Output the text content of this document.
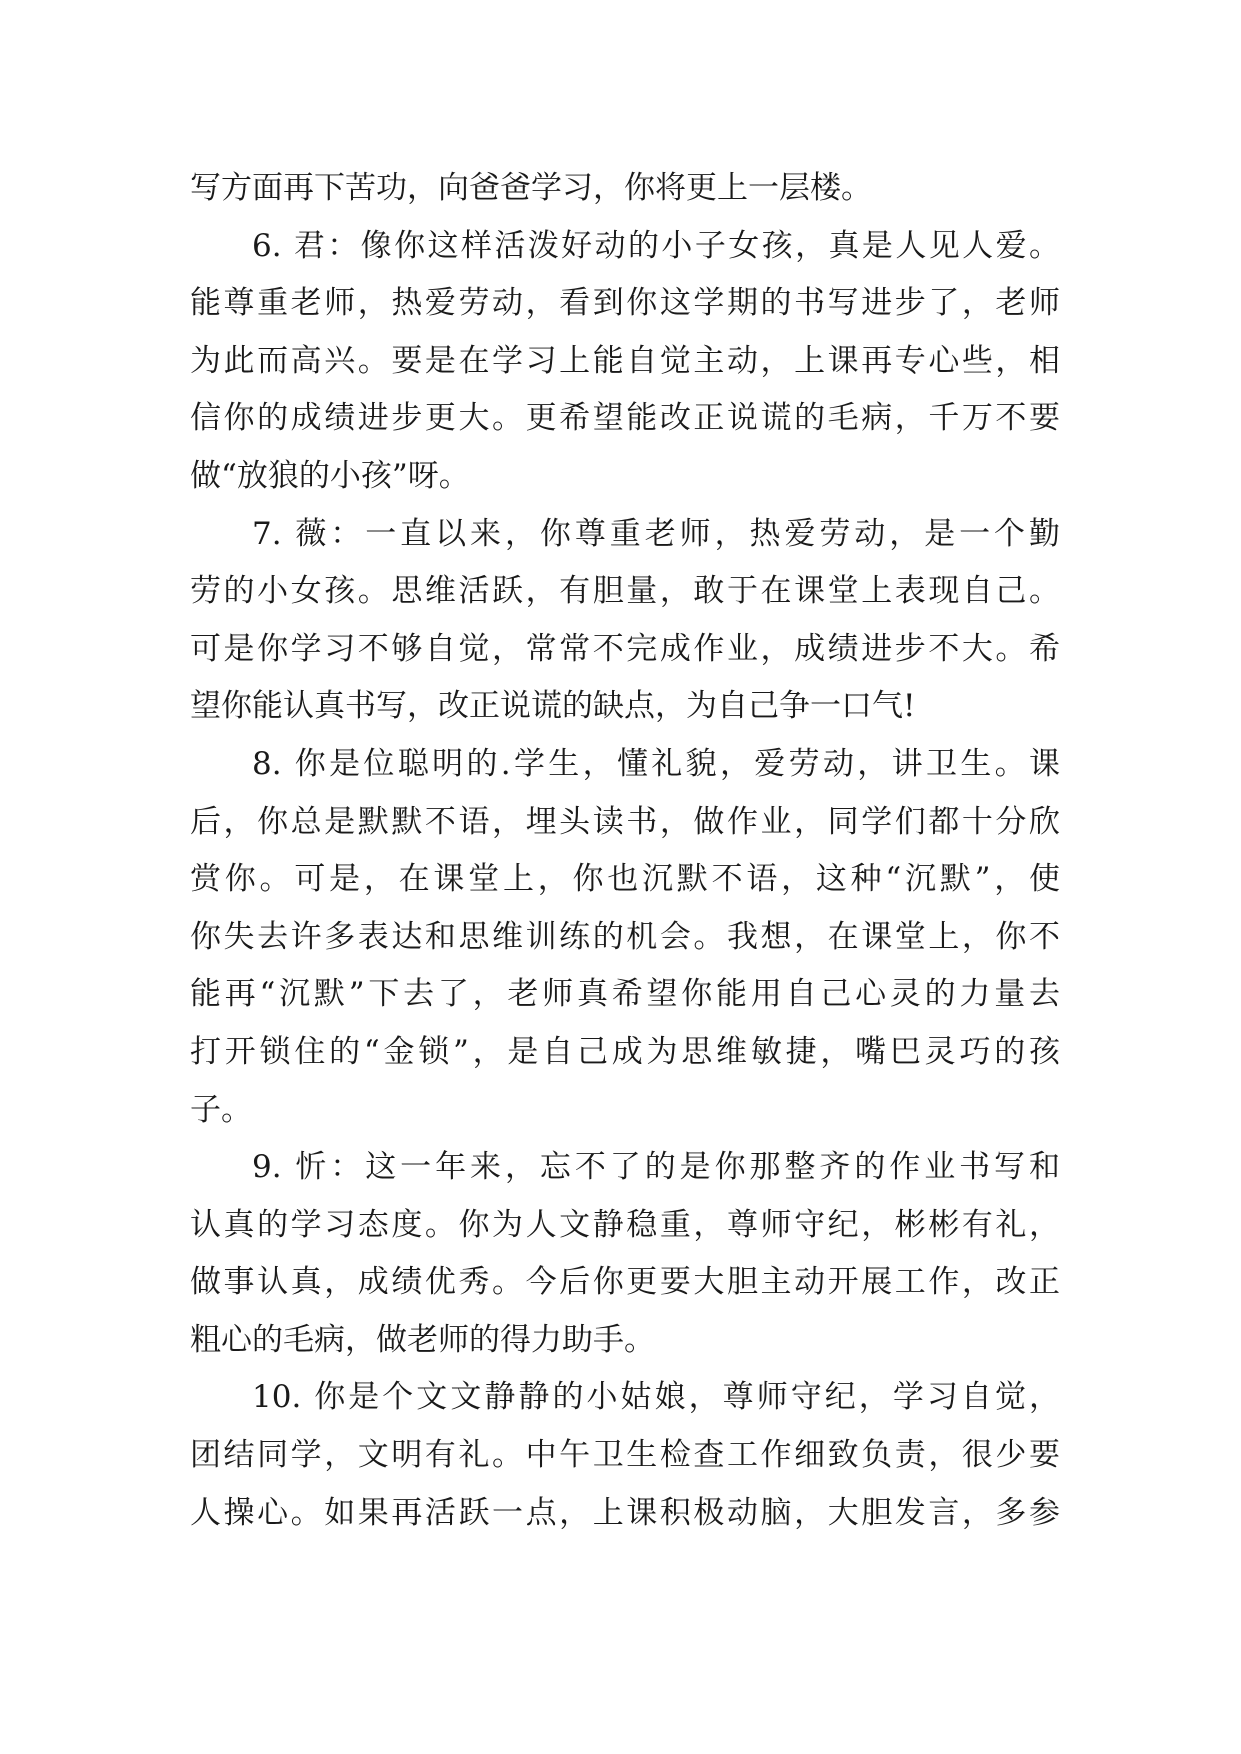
写方面再下苦功，向爸爸学习，你将更上一层楼。
6. 君：像你这样活泼好动的小子女孩，真是人见人爱。
能尊重老师，热爱劳动，看到你这学期的书写进步了，老师
为此而高兴。要是在学习上能自觉主动，上课再专心些，相
信你的成绩进步更大。更希望能改正说谎的毛病，千万不要
做“放狼的小孩”呀。
7. 薇：一直以来，你尊重老师，热爱劳动，是一个勤
劳的小女孩。思维活跃，有胆量，敢于在课堂上表现自己。
可是你学习不够自觉，常常不完成作业，成绩进步不大。希
望你能认真书写，改正说谎的缺点，为自己争一口气!
8. 你是位聪明的.学生，懂礼貌，爱劳动，讲卫生。课
后，你总是默默不语，埋头读书，做作业，同学们都十分欣
赏你。可是，在课堂上，你也沉默不语，这种“沉默”，使
你失去许多表达和思维训练的机会。我想，在课堂上，你不
能再“沉默”下去了，老师真希望你能用自己心灵的力量去
打开锁住的“金锁”，是自己成为思维敏捷，嘴巴灵巧的孩
子。
9. 忻：这一年来，忘不了的是你那整齐的作业书写和
认真的学习态度。你为人文静稳重，尊师守纪，彬彬有礼，
做事认真，成绩优秀。今后你更要大胆主动开展工作，改正
粗心的毛病，做老师的得力助手。
10. 你是个文文静静的小姑娘，尊师守纪，学习自觉，
团结同学，文明有礼。中午卫生检查工作细致负责，很少要
人操心。如果再活跃一点，上课积极动脑，大胆发言，多参
